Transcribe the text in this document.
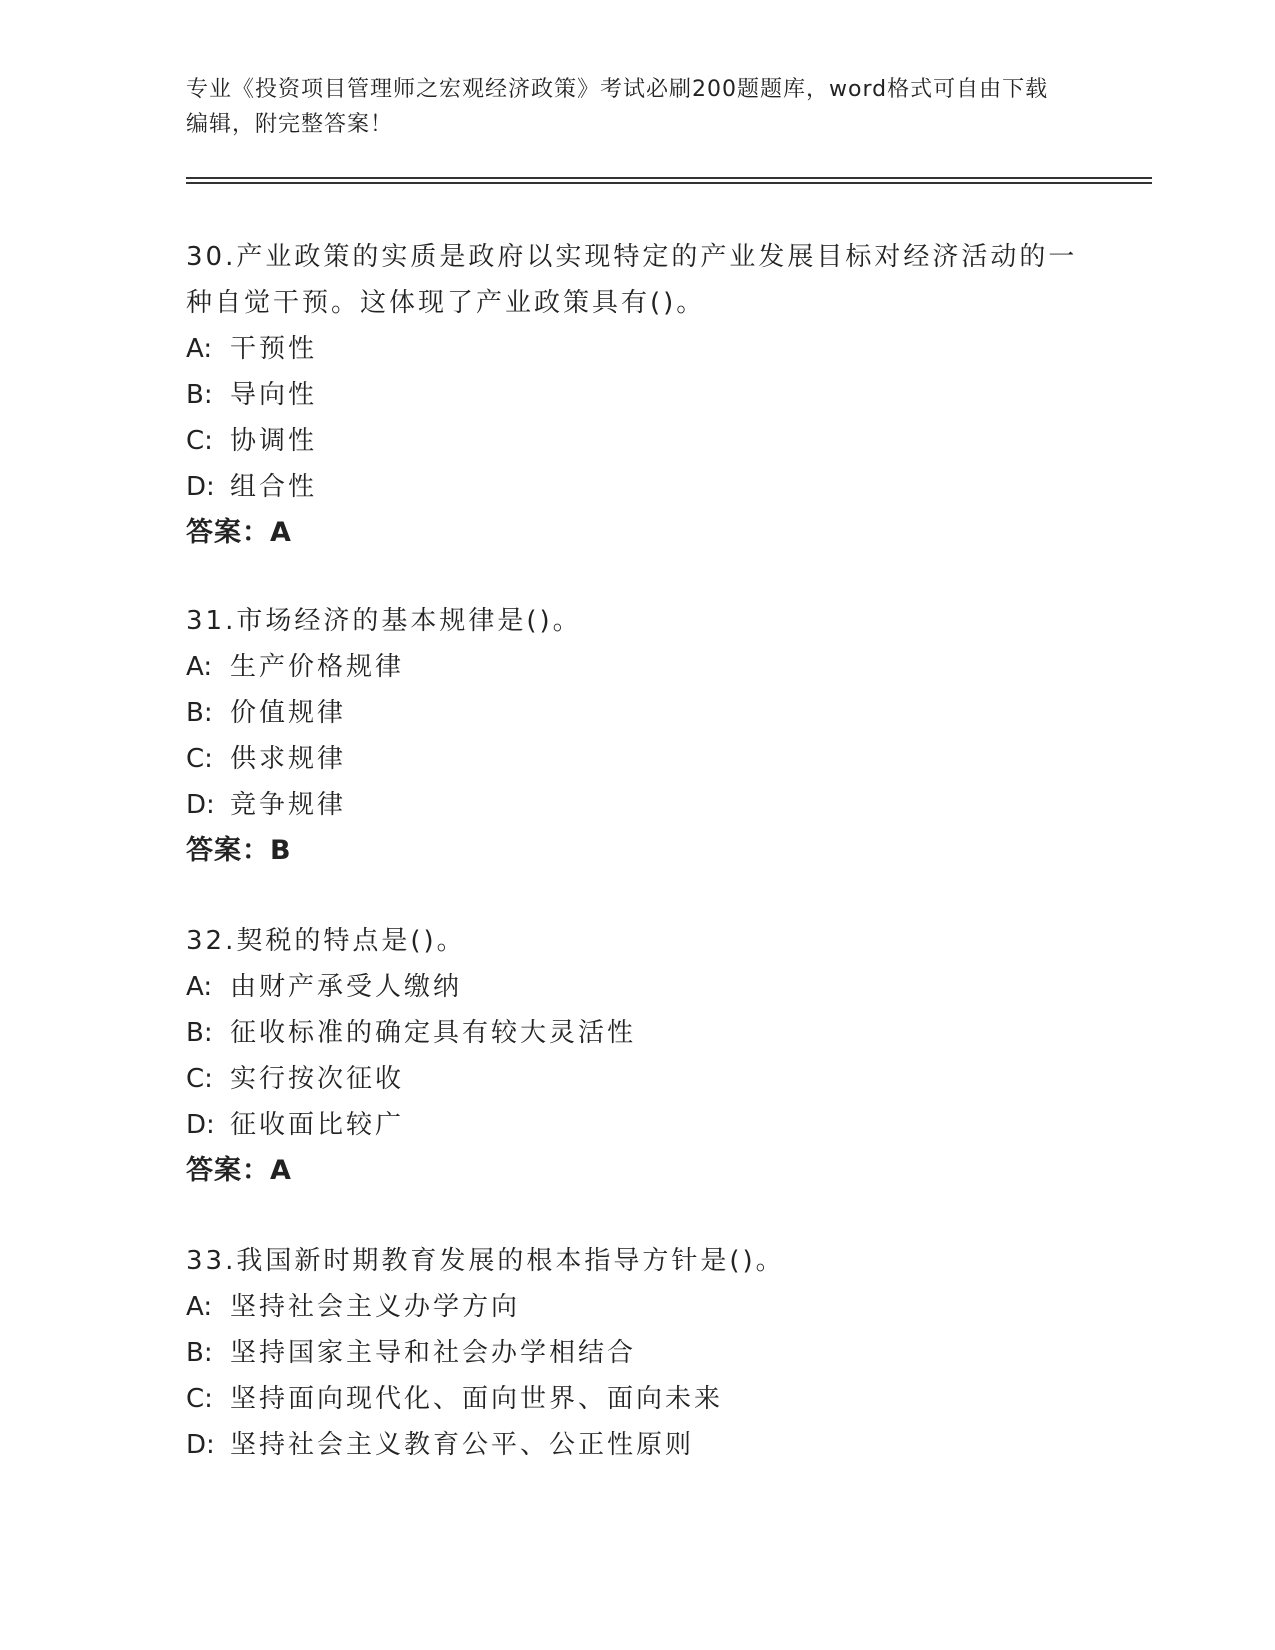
专业《投资项目管理师之宏观经济政策》考试必刷200题题库，word格式可自由下载编辑，附完整答案！

30.产业政策的实质是政府以实现特定的产业发展目标对经济活动的一种自觉干预。这体现了产业政策具有()。

A: 干预性

B: 导向性

C: 协调性

D: 组合性

答案：A

31.市场经济的基本规律是()。

A: 生产价格规律

B: 价值规律

C: 供求规律

D: 竞争规律

答案：B

32.契税的特点是()。

A: 由财产承受人缴纳

B: 征收标准的确定具有较大灵活性

C: 实行按次征收

D: 征收面比较广

答案：A

33.我国新时期教育发展的根本指导方针是()。

A: 坚持社会主义办学方向

B: 坚持国家主导和社会办学相结合

C: 坚持面向现代化、面向世界、面向未来

D: 坚持社会主义教育公平、公正性原则
